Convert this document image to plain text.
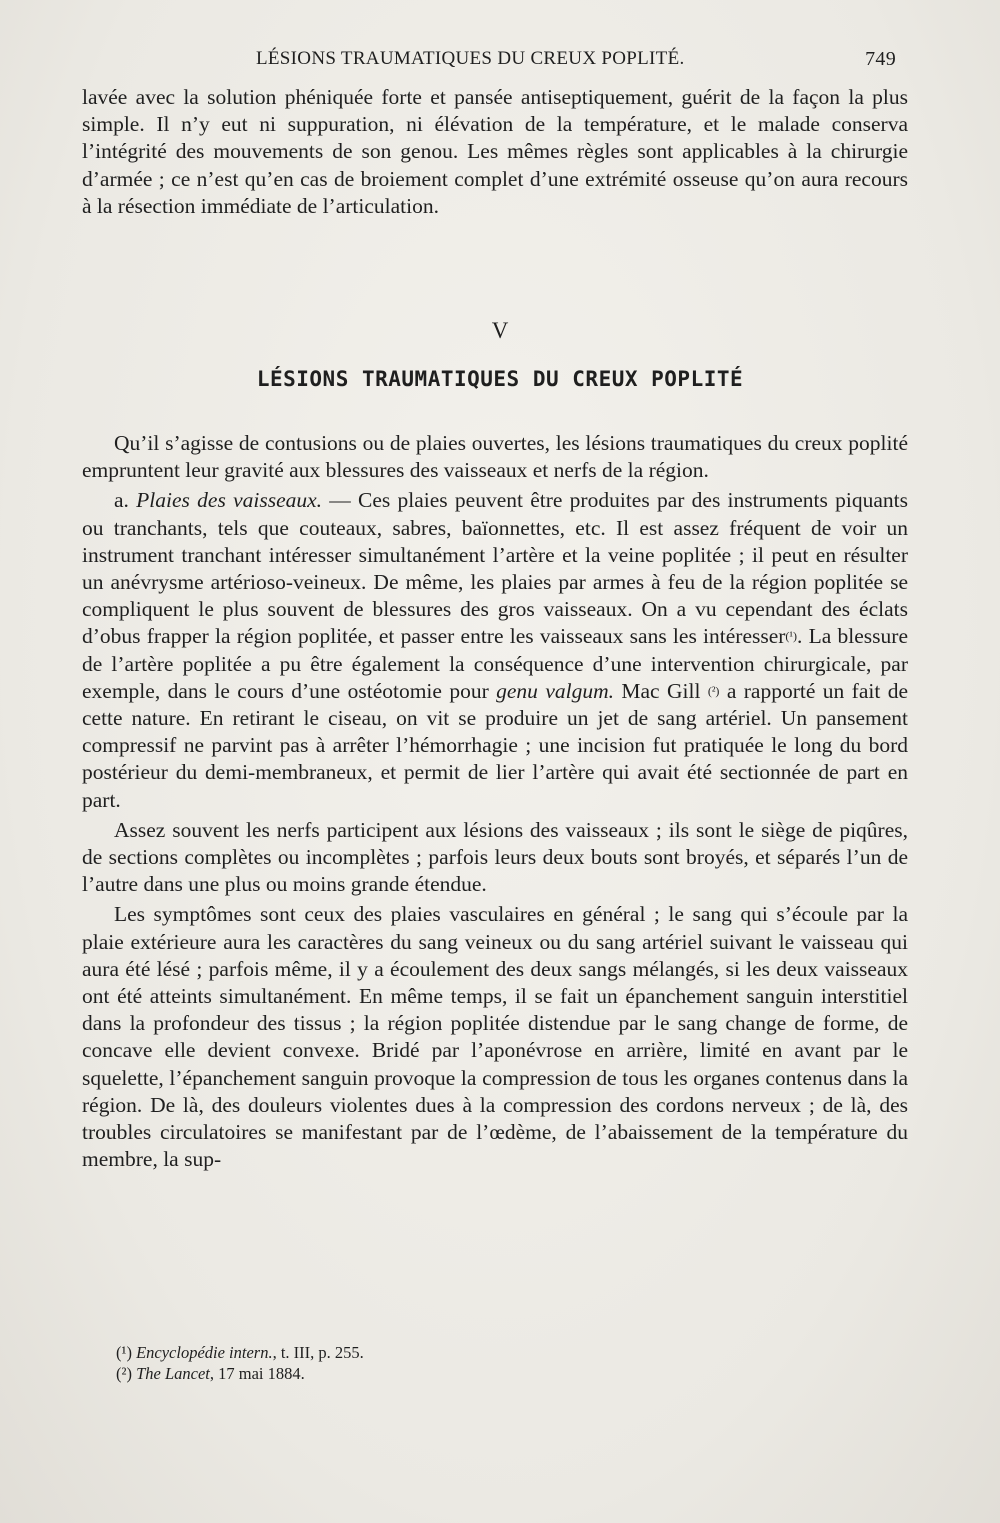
LÉSIONS TRAUMATIQUES DU CREUX POPLITÉ.	749

lavée avec la solution phéniquée forte et pansée antiseptiquement, guérit de la façon la plus simple. Il n’y eut ni suppuration, ni élévation de la température, et le malade conserva l’intégrité des mouvements de son genou. Les mêmes règles sont applicables à la chirurgie d’armée ; ce n’est qu’en cas de broiement complet d’une extrémité osseuse qu’on aura recours à la résection immédiate de l’articulation.

V
LÉSIONS TRAUMATIQUES DU CREUX POPLITÉ

Qu’il s’agisse de contusions ou de plaies ouvertes, les lésions traumatiques du creux poplité empruntent leur gravité aux blessures des vaisseaux et nerfs de la région.

a. Plaies des vaisseaux. — Ces plaies peuvent être produites par des instruments piquants ou tranchants, tels que couteaux, sabres, baïonnettes, etc. Il est assez fréquent de voir un instrument tranchant intéresser simultanément l’artère et la veine poplitée ; il peut en résulter un anévrysme artérioso-veineux. De même, les plaies par armes à feu de la région poplitée se compliquent le plus souvent de blessures des gros vaisseaux. On a vu cependant des éclats d’obus frapper la région poplitée, et passer entre les vaisseaux sans les intéresser(¹). La blessure de l’artère poplitée a pu être également la conséquence d’une intervention chirurgicale, par exemple, dans le cours d’une ostéotomie pour genu valgum. Mac Gill (²) a rapporté un fait de cette nature. En retirant le ciseau, on vit se produire un jet de sang artériel. Un pansement compressif ne parvint pas à arrêter l’hémorrhagie ; une incision fut pratiquée le long du bord postérieur du demi-membraneux, et permit de lier l’artère qui avait été sectionnée de part en part.

Assez souvent les nerfs participent aux lésions des vaisseaux ; ils sont le siège de piqûres, de sections complètes ou incomplètes ; parfois leurs deux bouts sont broyés, et séparés l’un de l’autre dans une plus ou moins grande étendue.

Les symptômes sont ceux des plaies vasculaires en général ; le sang qui s’écoule par la plaie extérieure aura les caractères du sang veineux ou du sang artériel suivant le vaisseau qui aura été lésé ; parfois même, il y a écoulement des deux sangs mélangés, si les deux vaisseaux ont été atteints simultanément. En même temps, il se fait un épanchement sanguin interstitiel dans la profondeur des tissus ; la région poplitée distendue par le sang change de forme, de concave elle devient convexe. Bridé par l’aponévrose en arrière, limité en avant par le squelette, l’épanchement sanguin provoque la compression de tous les organes contenus dans la région. De là, des douleurs violentes dues à la compression des cordons nerveux ; de là, des troubles circulatoires se manifestant par de l’œdème, de l’abaissement de la température du membre, la sup-

(¹) Encyclopédie intern., t. III, p. 255.
(²) The Lancet, 17 mai 1884.
